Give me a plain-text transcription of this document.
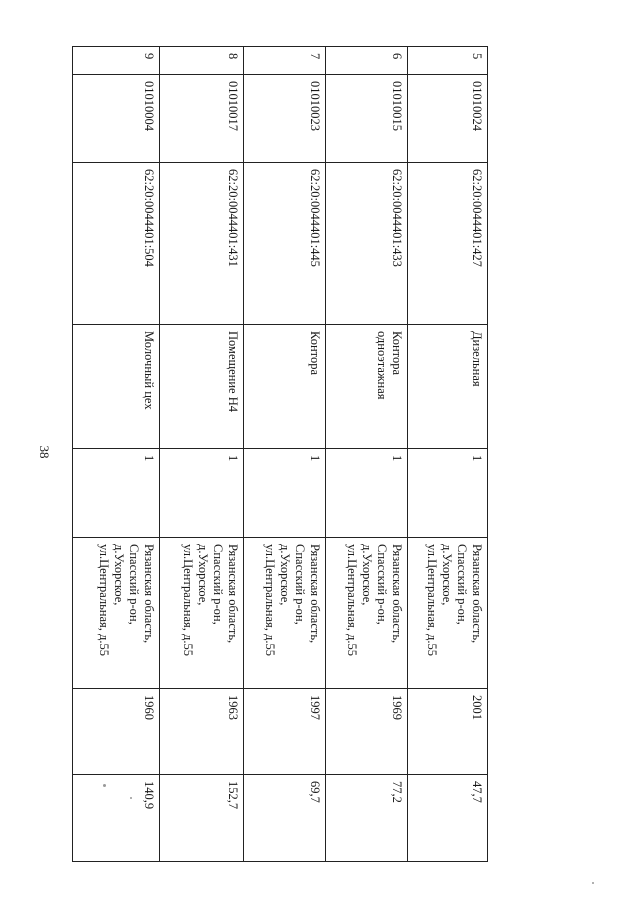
38
5	01010024	62:20:0044401:427	Дизельная	1	Рязанская область, Спасский р-он, д.Ухорское, ул.Центральная, д.55	2001	47,7
6	01010015	62:20:0044401:433	Контора одноэтажная	1	Рязанская область, Спасский р-он, д.Ухорское, ул.Центральная, д.55	1969	77,2
7	01010023	62:20:0044401:445	Контора	1	Рязанская область, Спасский р-он, д.Ухорское, ул.Центральная, д.55	1997	69,7
8	01010017	62:20:0044401:431	Помещение Н4	1	Рязанская область, Спасский р-он, д.Ухорское, ул.Центральная, д.55	1963	152,7
9	01010004	62:20:0044401:504	Молочный цех	1	Рязанская область, Спасский р-он, д.Ухорское, ул.Центральная, д.55	1960	140,9
